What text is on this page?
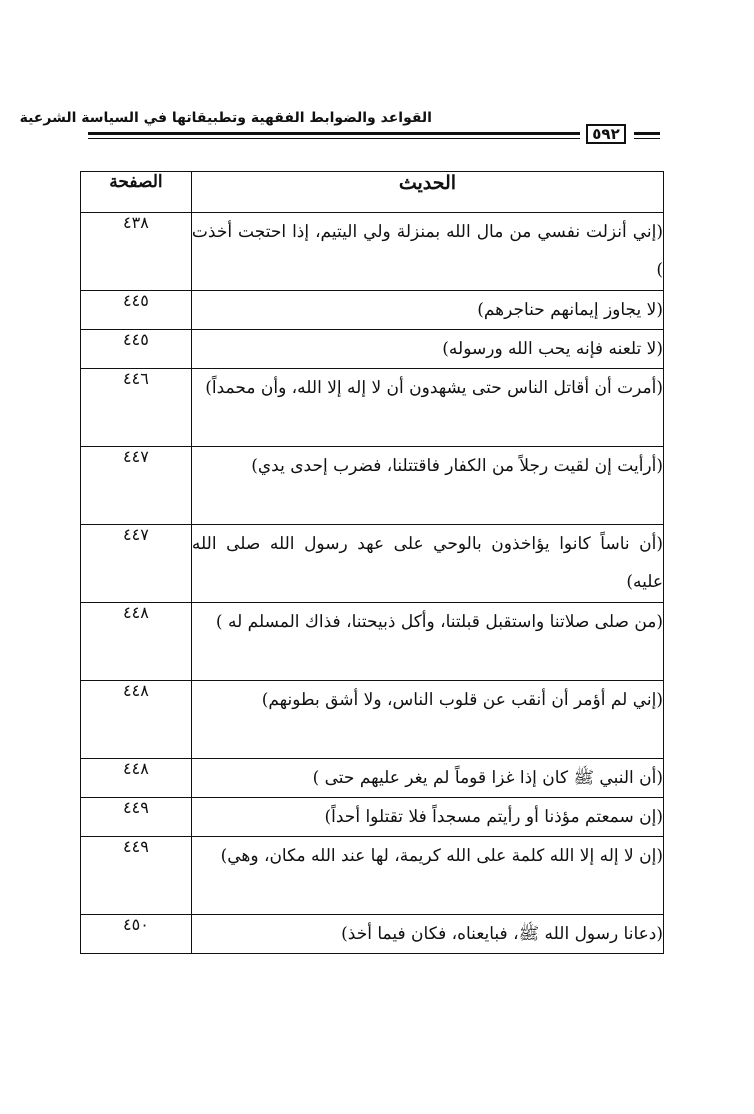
القواعد والضوابط الفقهية وتطبيقاتها في السياسة الشرعية
٥٩٢
الحديث	الصفحة
(إني أنزلت نفسي من مال الله بمنزلة ولي اليتيم، إذا احتجت أخذت )	٤٣٨
(لا يجاوز إيمانهم حناجرهم)	٤٤٥
(لا تلعنه فإنه يحب الله ورسوله)	٤٤٥
(أمرت أن أقاتل الناس حتى يشهدون أن لا إله إلا الله، وأن محمداً)	٤٤٦
(أرأيت إن لقيت رجلاً من الكفار فاقتتلنا، فضرب إحدى يدي)	٤٤٧
(أن ناساً كانوا يؤاخذون بالوحي على عهد رسول الله صلى الله عليه)	٤٤٧
(من صلى صلاتنا واستقبل قبلتنا، وأكل ذبيحتنا، فذاك المسلم له )	٤٤٨
(إني لم أؤمر أن أنقب عن قلوب الناس، ولا أشق بطونهم)	٤٤٨
(أن النبي ﷺ كان إذا غزا قوماً لم يغر عليهم حتى )	٤٤٨
(إن سمعتم مؤذنا أو رأيتم مسجداً فلا تقتلوا أحداً)	٤٤٩
(إن لا إله إلا الله كلمة على الله كريمة، لها عند الله مكان، وهي)	٤٤٩
(دعانا رسول الله ﷺ، فبايعناه، فكان فيما أخذ)	٤٥٠
